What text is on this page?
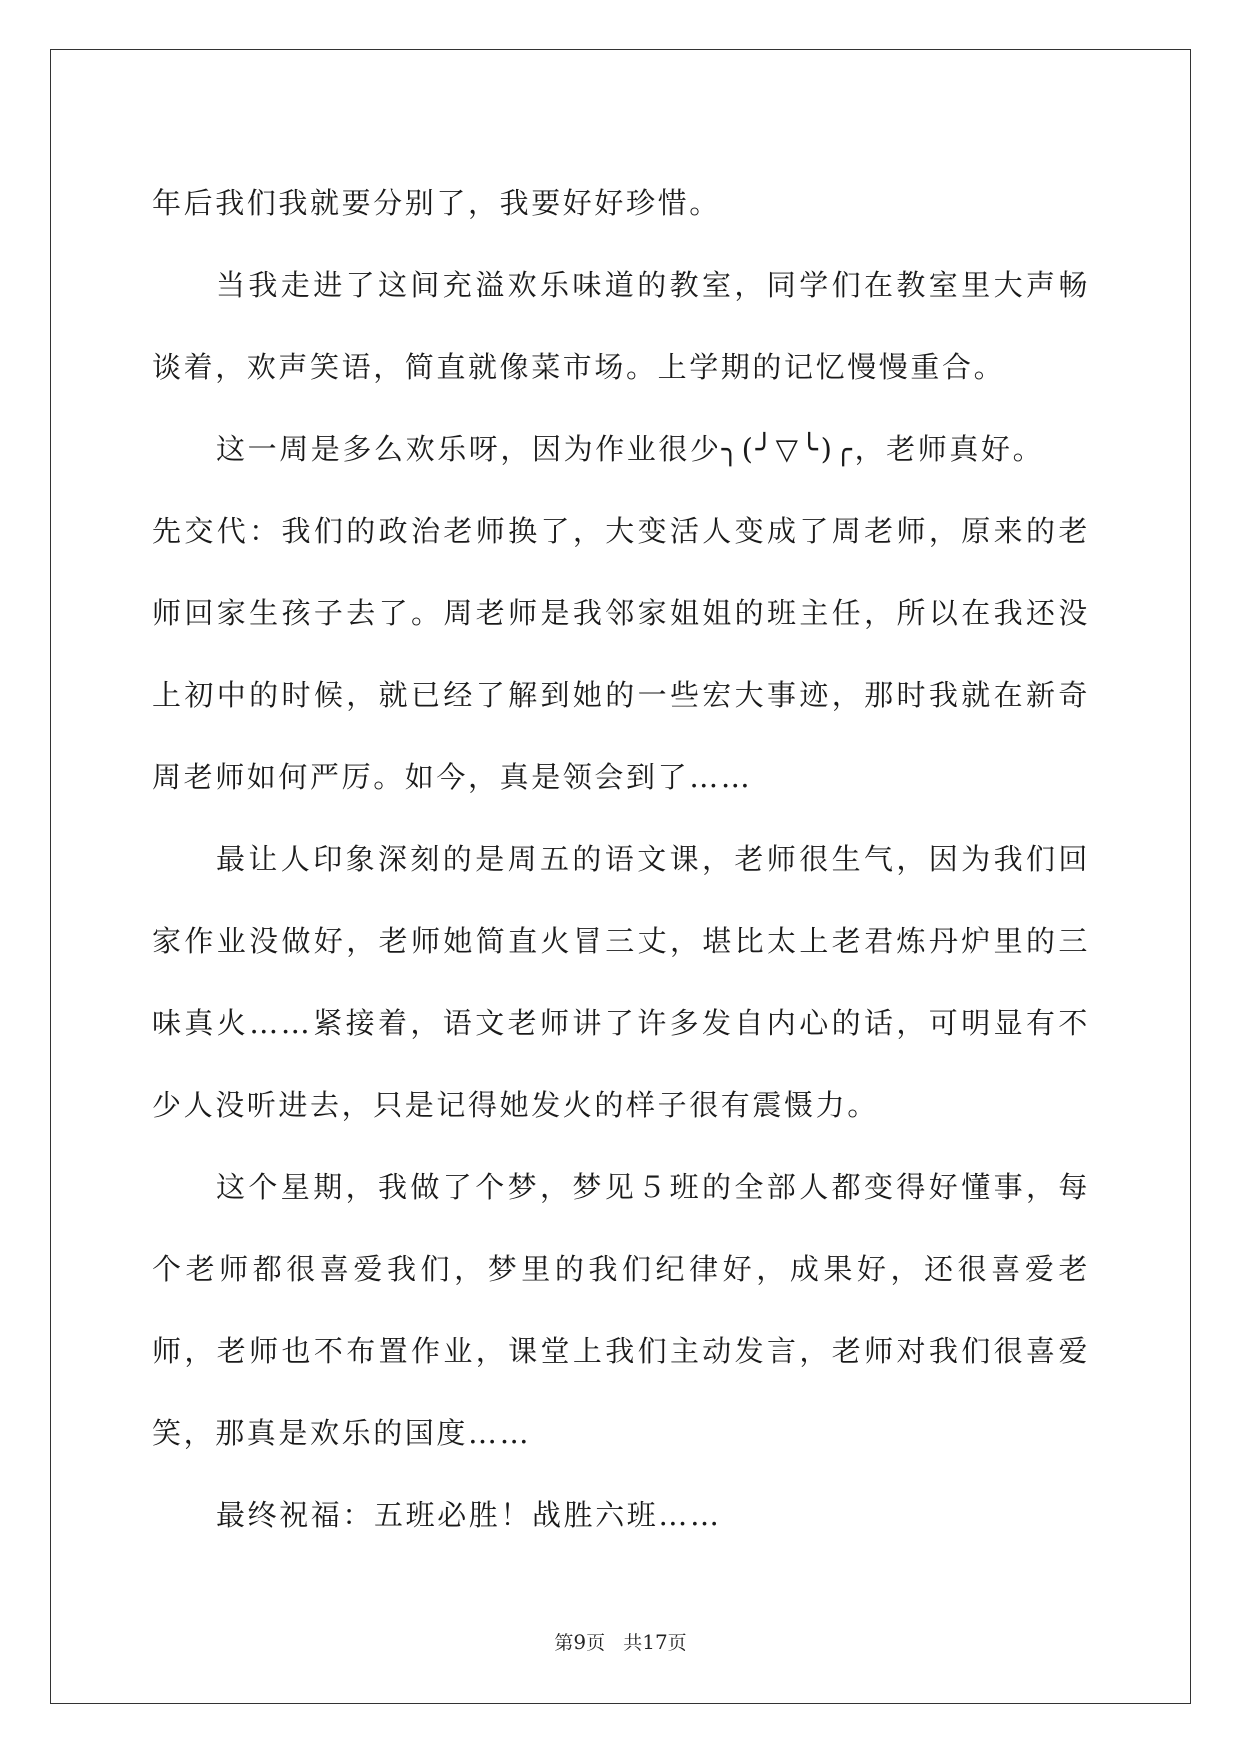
年后我们我就要分别了，我要好好珍惜。

当我走进了这间充溢欢乐味道的教室，同学们在教室里大声畅谈着，欢声笑语，简直就像菜市场。上学期的记忆慢慢重合。

这一周是多么欢乐呀，因为作业很少╮(╯▽╰)╭，老师真好。

先交代：我们的政治老师换了，大变活人变成了周老师，原来的老师回家生孩子去了。周老师是我邻家姐姐的班主任，所以在我还没上初中的时候，就已经了解到她的一些宏大事迹，那时我就在新奇周老师如何严厉。如今，真是领会到了……

最让人印象深刻的是周五的语文课，老师很生气，因为我们回家作业没做好，老师她简直火冒三丈，堪比太上老君炼丹炉里的三味真火……紧接着，语文老师讲了许多发自内心的话，可明显有不少人没听进去，只是记得她发火的样子很有震慑力。

这个星期，我做了个梦，梦见５班的全部人都变得好懂事，每个老师都很喜爱我们，梦里的我们纪律好，成果好，还很喜爱老师，老师也不布置作业，课堂上我们主动发言，老师对我们很喜爱笑，那真是欢乐的国度……

最终祝福：五班必胜！战胜六班……

第9页 共17页
